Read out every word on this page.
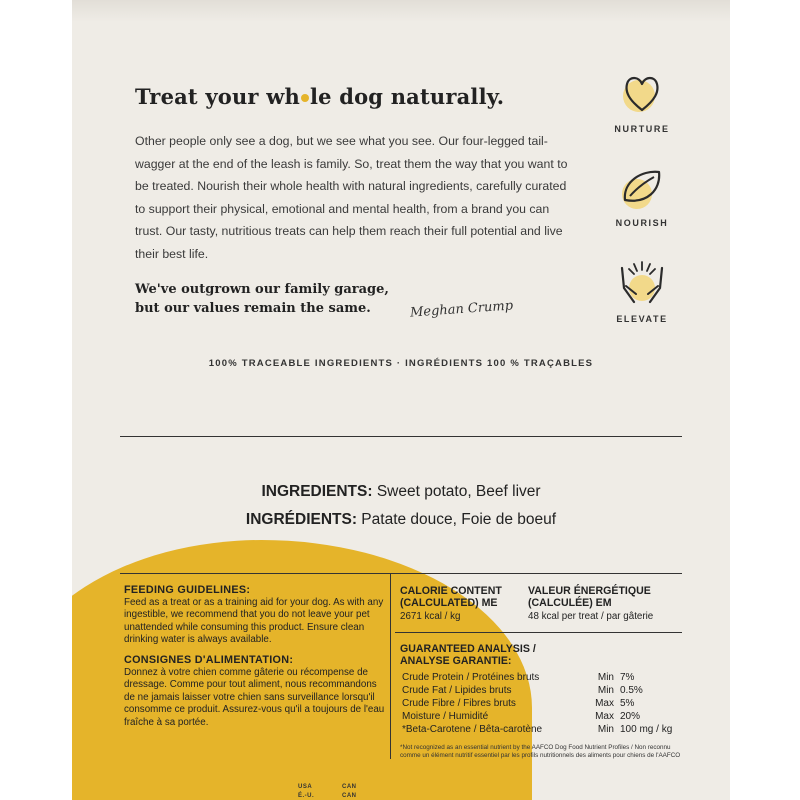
Treat your wh le dog naturally.

Other people only see a dog, but we see what you see. Our four-legged tail-wagger at the end of the leash is family. So, treat them the way that you want to be treated. Nourish their whole health with natural ingredients, carefully curated to support their physical, emotional and mental health, from a brand you can trust. Our tasty, nutritious treats can help them reach their full potential and live their best life.

We've outgrown our family garage,
but our values remain the same.	Meghan Crump
NURTURE
NOURISH
ELEVATE
100% TRACEABLE INGREDIENTS · INGRÉDIENTS 100 % TRAÇABLES
INGREDIENTS: Sweet potato, Beef liver
INGRÉDIENTS: Patate douce, Foie de boeuf
FEEDING GUIDELINES:

Feed as a treat or as a training aid for your dog. As with any ingestible, we recommend that you do not leave your pet unattended while consuming this product. Ensure clean drinking water is always available.

CONSIGNES D'ALIMENTATION:

Donnez à votre chien comme gâterie ou récompense de dressage. Comme pour tout aliment, nous recommandons de ne jamais laisser votre chien sans surveillance lorsqu'il consomme ce produit. Assurez-vous qu'il a toujours de l'eau fraîche à sa portée.

CALORIE CONTENT (CALCULATED) ME
2671 kcal / kg
VALEUR ÉNERGÉTIQUE (CALCULÉE) EM
48 kcal per treat / par gâterie
GUARANTEED ANALYSIS / ANALYSE GARANTIE:
Crude Protein / Protéines bruts	Min	7%
Crude Fat / Lipides bruts	Min	0.5%
Crude Fibre / Fibres bruts	Max	5%
Moisture / Humidité	Max	20%
*Beta-Carotene / Bêta-carotène	Min	100 mg / kg
*Not recognized as an essential nutrient by the AAFCO Dog Food Nutrient Profiles / Non reconnu comme un élément nutritif essentiel par les profils nutritionnels des aliments pour chiens de l'AAFCO
USA	CAN
É.-U.	CAN
